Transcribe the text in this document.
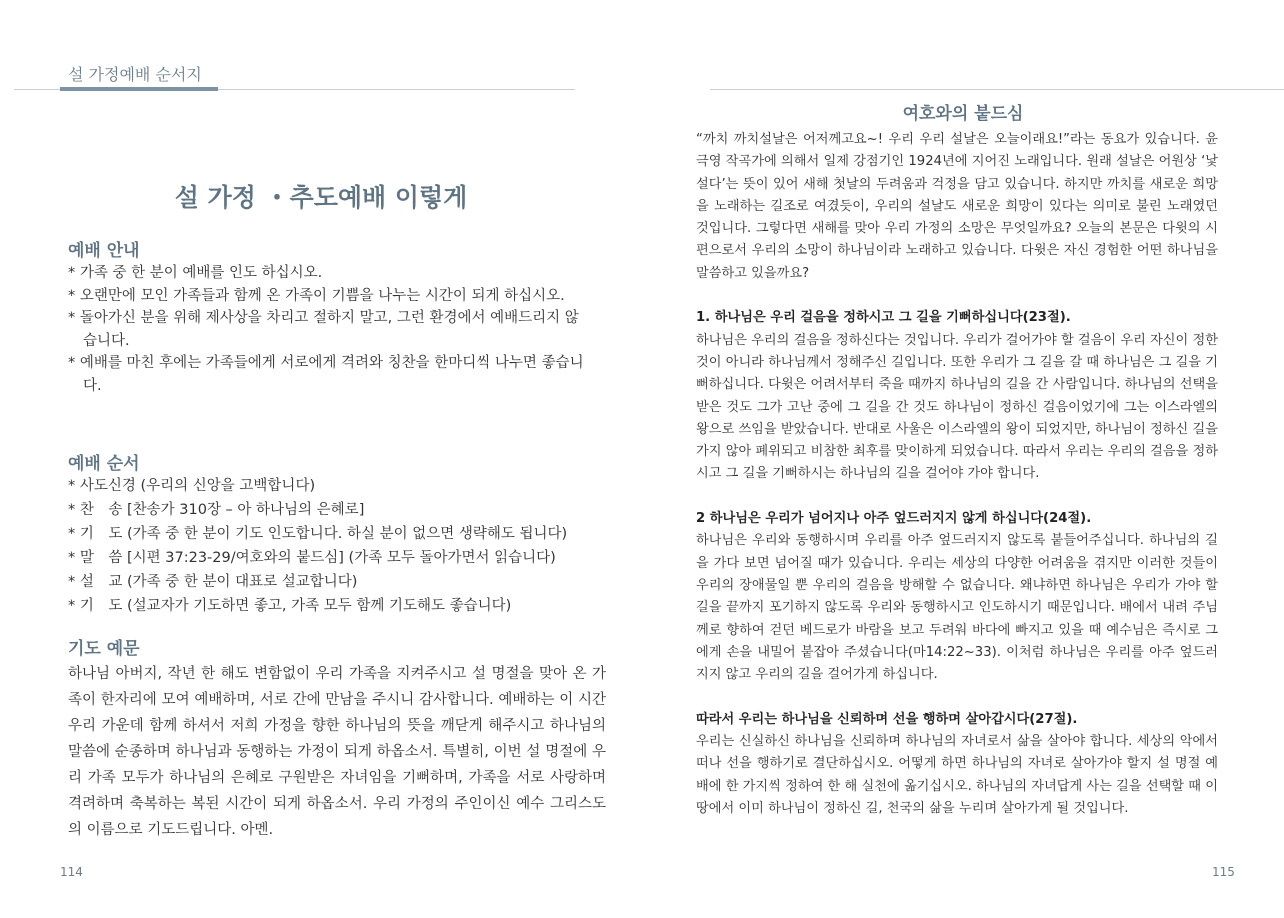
설 가정예배 순서지
설 가정 ・추도예배 이렇게
예배 안내
* 가족 중 한 분이 예배를 인도 하십시오.
* 오랜만에 모인 가족들과 함께 온 가족이 기쁨을 나누는 시간이 되게 하십시오.
* 돌아가신 분을 위해 제사상을 차리고 절하지 말고, 그런 환경에서 예배드리지 않습니다.
* 예배를 마친 후에는 가족들에게 서로에게 격려와 칭찬을 한마디씩 나누면 좋습니다.
예배 순서
* 사도신경 (우리의 신앙을 고백합니다)
* 찬　송 [찬송가 310장 – 아 하나님의 은혜로]
* 기　도 (가족 중 한 분이 기도 인도합니다. 하실 분이 없으면 생략해도 됩니다)
* 말　씀 [시편 37:23-29/여호와의 붙드심] (가족 모두 돌아가면서 읽습니다)
* 설　교 (가족 중 한 분이 대표로 설교합니다)
* 기　도 (설교자가 기도하면 좋고, 가족 모두 함께 기도해도 좋습니다)
기도 예문
하나님 아버지, 작년 한 해도 변함없이 우리 가족을 지켜주시고 설 명절을 맞아 온 가족이 한자리에 모여 예배하며, 서로 간에 만남을 주시니 감사합니다. 예배하는 이 시간 우리 가운데 함께 하셔서 저희 가정을 향한 하나님의 뜻을 깨닫게 해주시고 하나님의 말씀에 순종하며 하나님과 동행하는 가정이 되게 하옵소서. 특별히, 이번 설 명절에 우리 가족 모두가 하나님의 은혜로 구원받은 자녀임을 기뻐하며, 가족을 서로 사랑하며 격려하며 축복하는 복된 시간이 되게 하옵소서. 우리 가정의 주인이신 예수 그리스도의 이름으로 기도드립니다. 아멘.
114
여호와의 붙드심

“까치 까치설날은 어저께고요~! 우리 우리 설날은 오늘이래요!”라는 동요가 있습니다. 윤극영 작곡가에 의해서 일제 강점기인 1924년에 지어진 노래입니다. 원래 설날은 어원상 ‘낯설다’는 뜻이 있어 새해 첫날의 두려움과 걱정을 담고 있습니다. 하지만 까치를 새로운 희망을 노래하는 길조로 여겼듯이, 우리의 설날도 새로운 희망이 있다는 의미로 불린 노래였던 것입니다. 그렇다면 새해를 맞아 우리 가정의 소망은 무엇일까요? 오늘의 본문은 다윗의 시편으로서 우리의 소망이 하나님이라 노래하고 있습니다. 다윗은 자신 경험한 어떤 하나님을 말씀하고 있을까요?

1. 하나님은 우리 걸음을 정하시고 그 길을 기뻐하십니다(23절).
하나님은 우리의 걸음을 정하신다는 것입니다. 우리가 걸어가야 할 걸음이 우리 자신이 정한 것이 아니라 하나님께서 정해주신 길입니다. 또한 우리가 그 길을 갈 때 하나님은 그 길을 기뻐하십니다. 다윗은 어려서부터 죽을 때까지 하나님의 길을 간 사람입니다. 하나님의 선택을 받은 것도 그가 고난 중에 그 길을 간 것도 하나님이 정하신 걸음이었기에 그는 이스라엘의 왕으로 쓰임을 받았습니다. 반대로 사울은 이스라엘의 왕이 되었지만, 하나님이 정하신 길을 가지 않아 폐위되고 비참한 최후를 맞이하게 되었습니다. 따라서 우리는 우리의 걸음을 정하시고 그 길을 기뻐하시는 하나님의 길을 걸어야 가야 합니다.

2 하나님은 우리가 넘어지나 아주 엎드러지지 않게 하십니다(24절).
하나님은 우리와 동행하시며 우리를 아주 엎드러지지 않도록 붙들어주십니다. 하나님의 길을 가다 보면 넘어질 때가 있습니다. 우리는 세상의 다양한 어려움을 겪지만 이러한 것들이 우리의 장애물일 뿐 우리의 걸음을 방해할 수 없습니다. 왜냐하면 하나님은 우리가 가야 할 길을 끝까지 포기하지 않도록 우리와 동행하시고 인도하시기 때문입니다. 배에서 내려 주님께로 향하여 걷던 베드로가 바람을 보고 두려워 바다에 빠지고 있을 때 예수님은 즉시로 그에게 손을 내밀어 붙잡아 주셨습니다(마14:22~33). 이처럼 하나님은 우리를 아주 엎드러지지 않고 우리의 길을 걸어가게 하십니다.

따라서 우리는 하나님을 신뢰하며 선을 행하며 살아갑시다(27절).
우리는 신실하신 하나님을 신뢰하며 하나님의 자녀로서 삶을 살아야 합니다. 세상의 악에서 떠나 선을 행하기로 결단하십시오. 어떻게 하면 하나님의 자녀로 살아가야 할지 설 명절 예배에 한 가지씩 정하여 한 해 실천에 옮기십시오. 하나님의 자녀답게 사는 길을 선택할 때 이 땅에서 이미 하나님이 정하신 길, 천국의 삶을 누리며 살아가게 될 것입니다.

115
